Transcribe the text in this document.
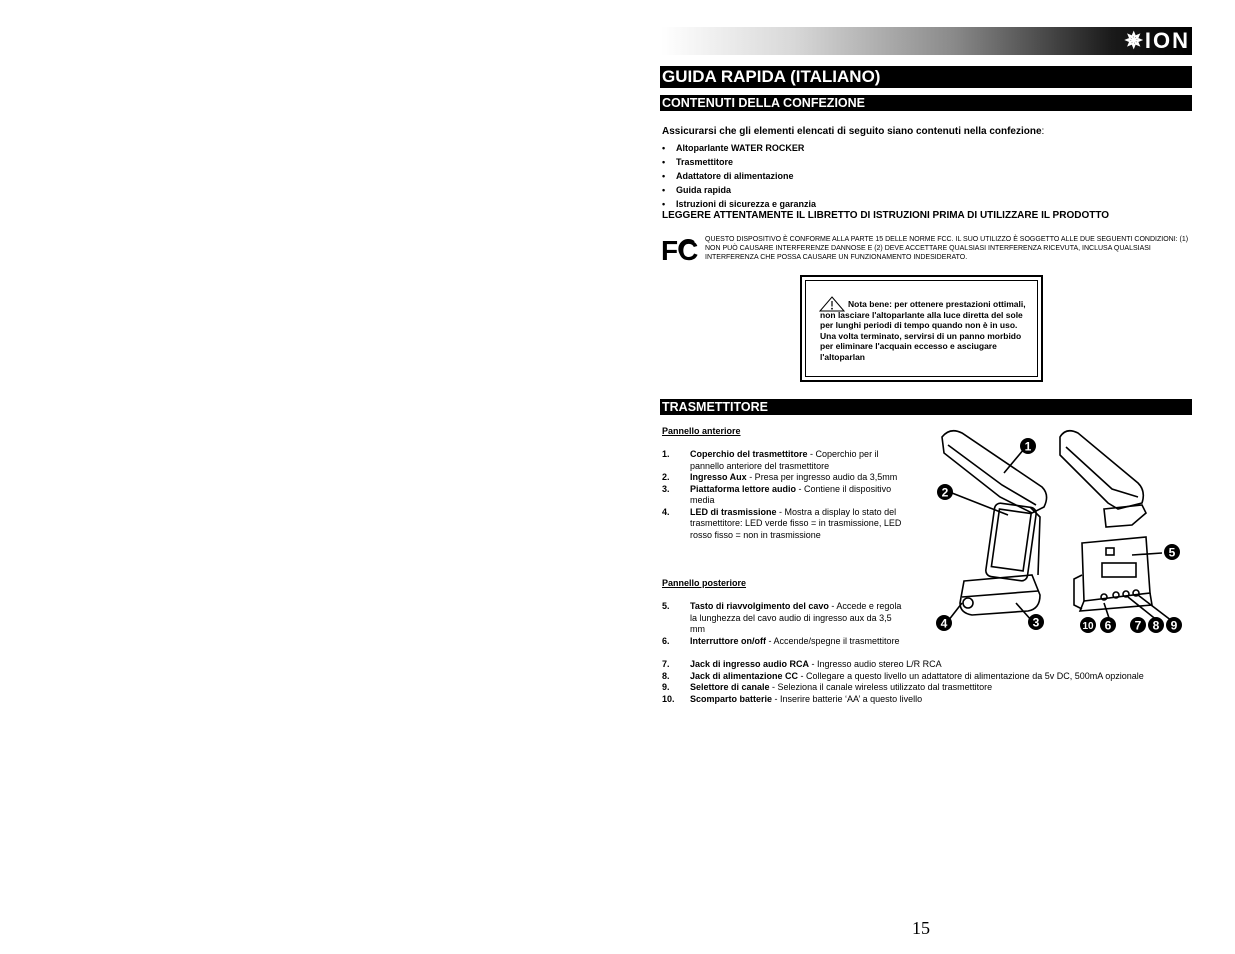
✵ION
GUIDA RAPIDA (ITALIANO)
CONTENUTI DELLA CONFEZIONE
Assicurarsi che gli elementi elencati di seguito siano contenuti nella confezione:
• Altoparlante WATER ROCKER
• Trasmettitore
• Adattatore di alimentazione
• Guida rapida
• Istruzioni di sicurezza e garanzia
LEGGERE ATTENTAMENTE IL LIBRETTO DI ISTRUZIONI PRIMA DI UTILIZZARE IL PRODOTTO
FC QUESTO DISPOSITIVO È CONFORME ALLA PARTE 15 DELLE NORME FCC. IL SUO UTILIZZO È SOGGETTO ALLE DUE SEGUENTI CONDIZIONI: (1) NON PUÒ CAUSARE INTERFERENZE DANNOSE E (2) DEVE ACCETTARE QUALSIASI INTERFERENZA RICEVUTA, INCLUSA QUALSIASI INTERFERENZA CHE POSSA CAUSARE UN FUNZIONAMENTO INDESIDERATO.
Nota bene: per ottenere prestazioni ottimali, non lasciare l'altoparlante alla luce diretta del sole per lunghi periodi di tempo quando non è in uso. Una volta terminato, servirsi di un panno morbido per eliminare l'acquain eccesso e asciugare l'altoparlan
TRASMETTITORE
Pannello anteriore
1. Coperchio del trasmettitore - Coperchio per il pannello anteriore del trasmettitore
2. Ingresso Aux - Presa per ingresso audio da 3,5mm
3. Piattaforma lettore audio - Contiene il dispositivo media
4. LED di trasmissione - Mostra a display lo stato del trasmettitore: LED verde fisso = in trasmissione, LED rosso fisso = non in trasmissione
Pannello posteriore
5. Tasto di riavvolgimento del cavo - Accede e regola la lunghezza del cavo audio di ingresso aux da 3,5 mm
6. Interruttore on/off - Accende/spegne il trasmettitore
7. Jack di ingresso audio RCA - Ingresso audio stereo L/R RCA
8. Jack di alimentazione CC - Collegare a questo livello un adattatore di alimentazione da 5v DC, 500mA opzionale
9. Selettore di canale - Seleziona il canale wireless utilizzato dal trasmettitore
10. Scomparto batterie - Inserire batterie ‘AA’ a questo livello
1
2
3
4
5
10 6 7 8 9
15
